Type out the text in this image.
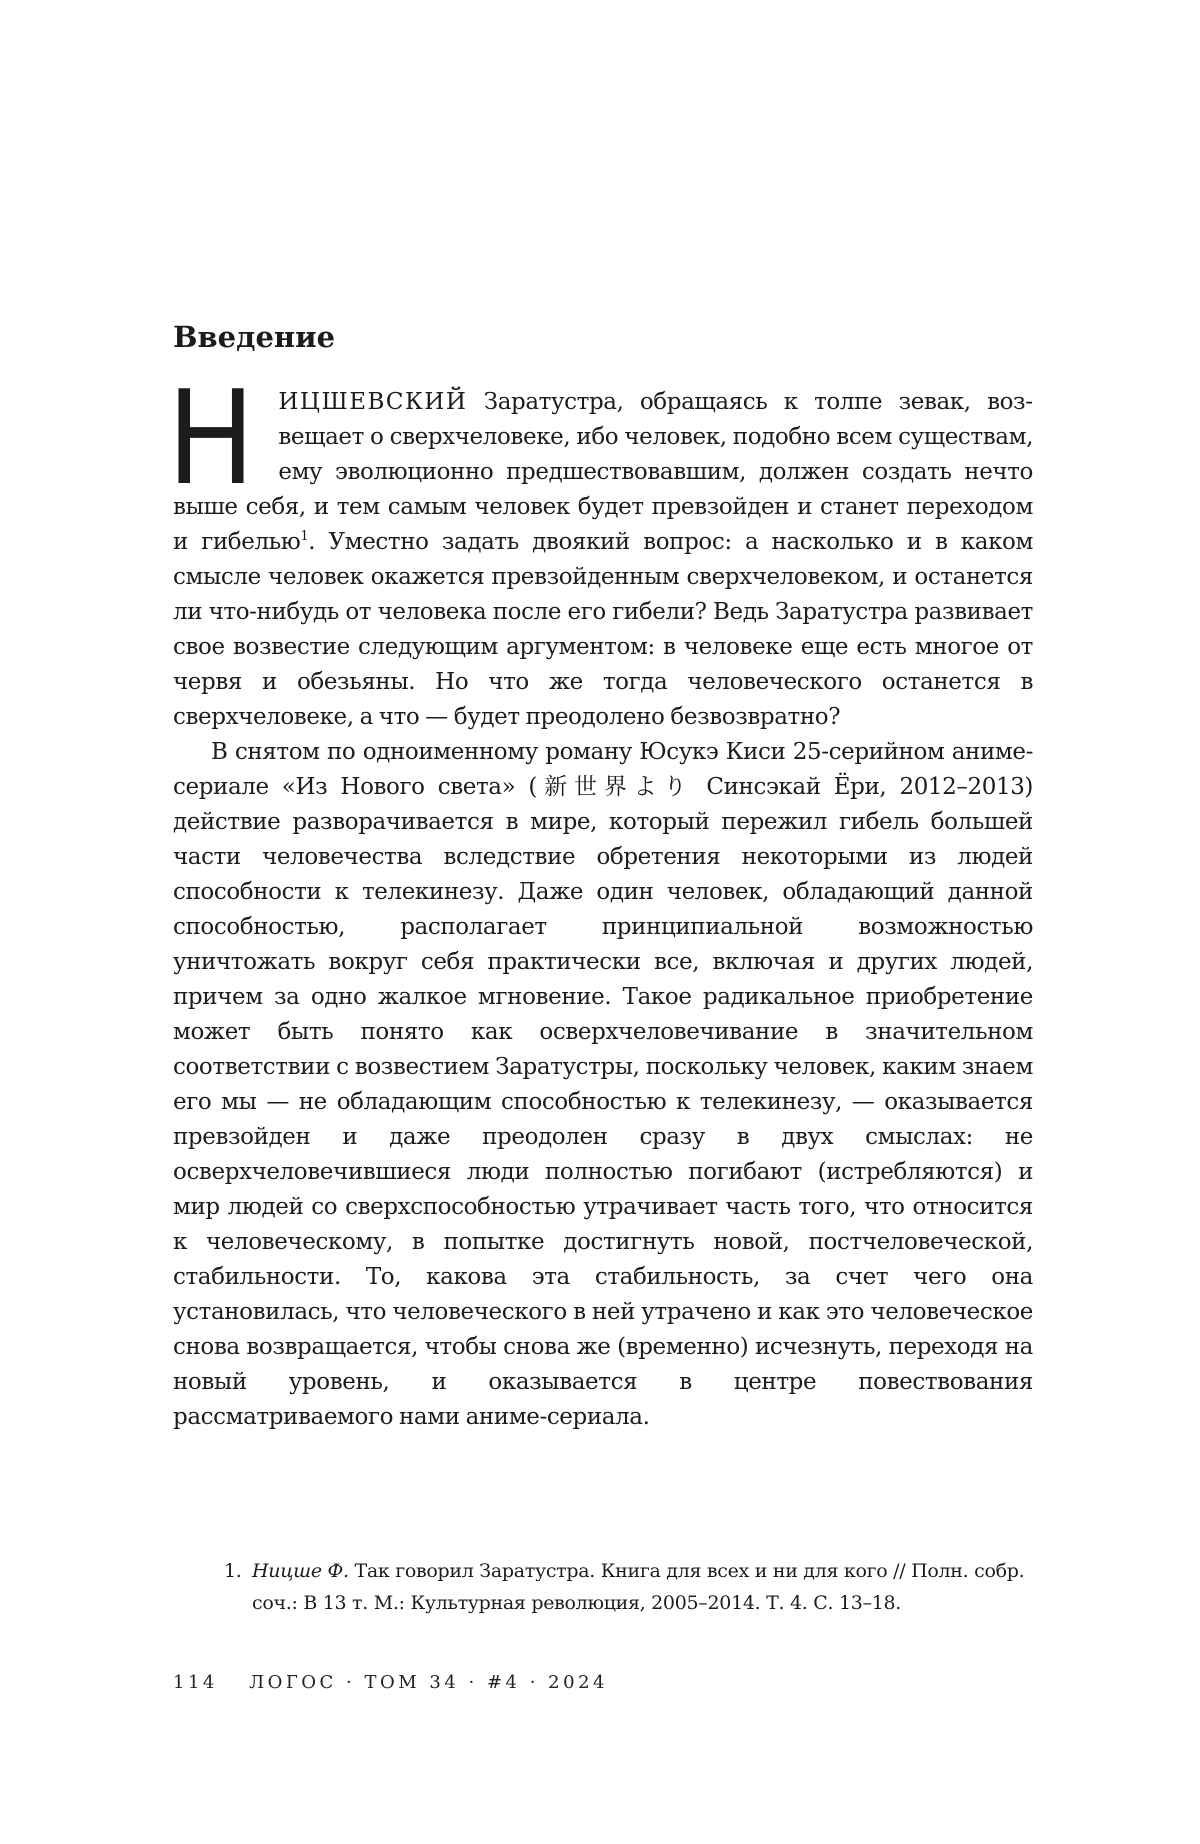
Введение

Н ИЦШЕВСКИЙ Заратустра, обращаясь к толпе зевак, возвещает о сверхчеловеке, ибо человек, подобно всем существам, ему эволюционно предшествовавшим, должен создать нечто выше себя, и тем самым человек будет превзойден и станет переходом и гибелью$^1$. Уместно задать двоякий вопрос: а насколько и в каком смысле человек окажется превзойденным сверхчеловеком, и останется ли что-нибудь от человека после его гибели? Ведь Заратустра развивает свое возвестие следующим аргументом: в человеке еще есть многое от червя и обезьяны. Но что же тогда человеческого останется в сверхчеловеке, а что — будет преодолено безвозвратно?

В снятом по одноименному роману Юсукэ Киси 25-серийном аниме-сериале «Из Нового света» (新世界より Синсэкай Ёри, 2012–2013) действие разворачивается в мире, который пережил гибель большей части человечества вследствие обретения некоторыми из людей способности к телекинезу. Даже один человек, обладающий данной способностью, располагает принципиальной возможностью уничтожать вокруг себя практически все, включая и других людей, причем за одно жалкое мгновение. Такое радикальное приобретение может быть понято как осверхчеловечивание в значительном соответствии с возвестием Заратустры, поскольку человек, каким знаем его мы — не обладающим способностью к телекинезу, — оказывается превзойден и даже преодолен сразу в двух смыслах: не осверхчеловечившиеся люди полностью погибают (истребляются) и мир людей со сверхспособностью утрачивает часть того, что относится к человеческому, в попытке достигнуть новой, постчеловеческой, стабильности. То, какова эта стабильность, за счет чего она установилась, что человеческого в ней утрачено и как это человеческое снова возвращается, чтобы снова же (временно) исчезнуть, переходя на новый уровень, и оказывается в центре повествования рассматриваемого нами аниме-сериала.

1. Ницше Ф. Так говорил Заратустра. Книга для всех и ни для кого // Полн. собр. соч.: В 13 т. М.: Культурная революция, 2005–2014. Т. 4. С. 13–18.
114 ЛОГОС · ТОМ 34 · #4 · 2024
